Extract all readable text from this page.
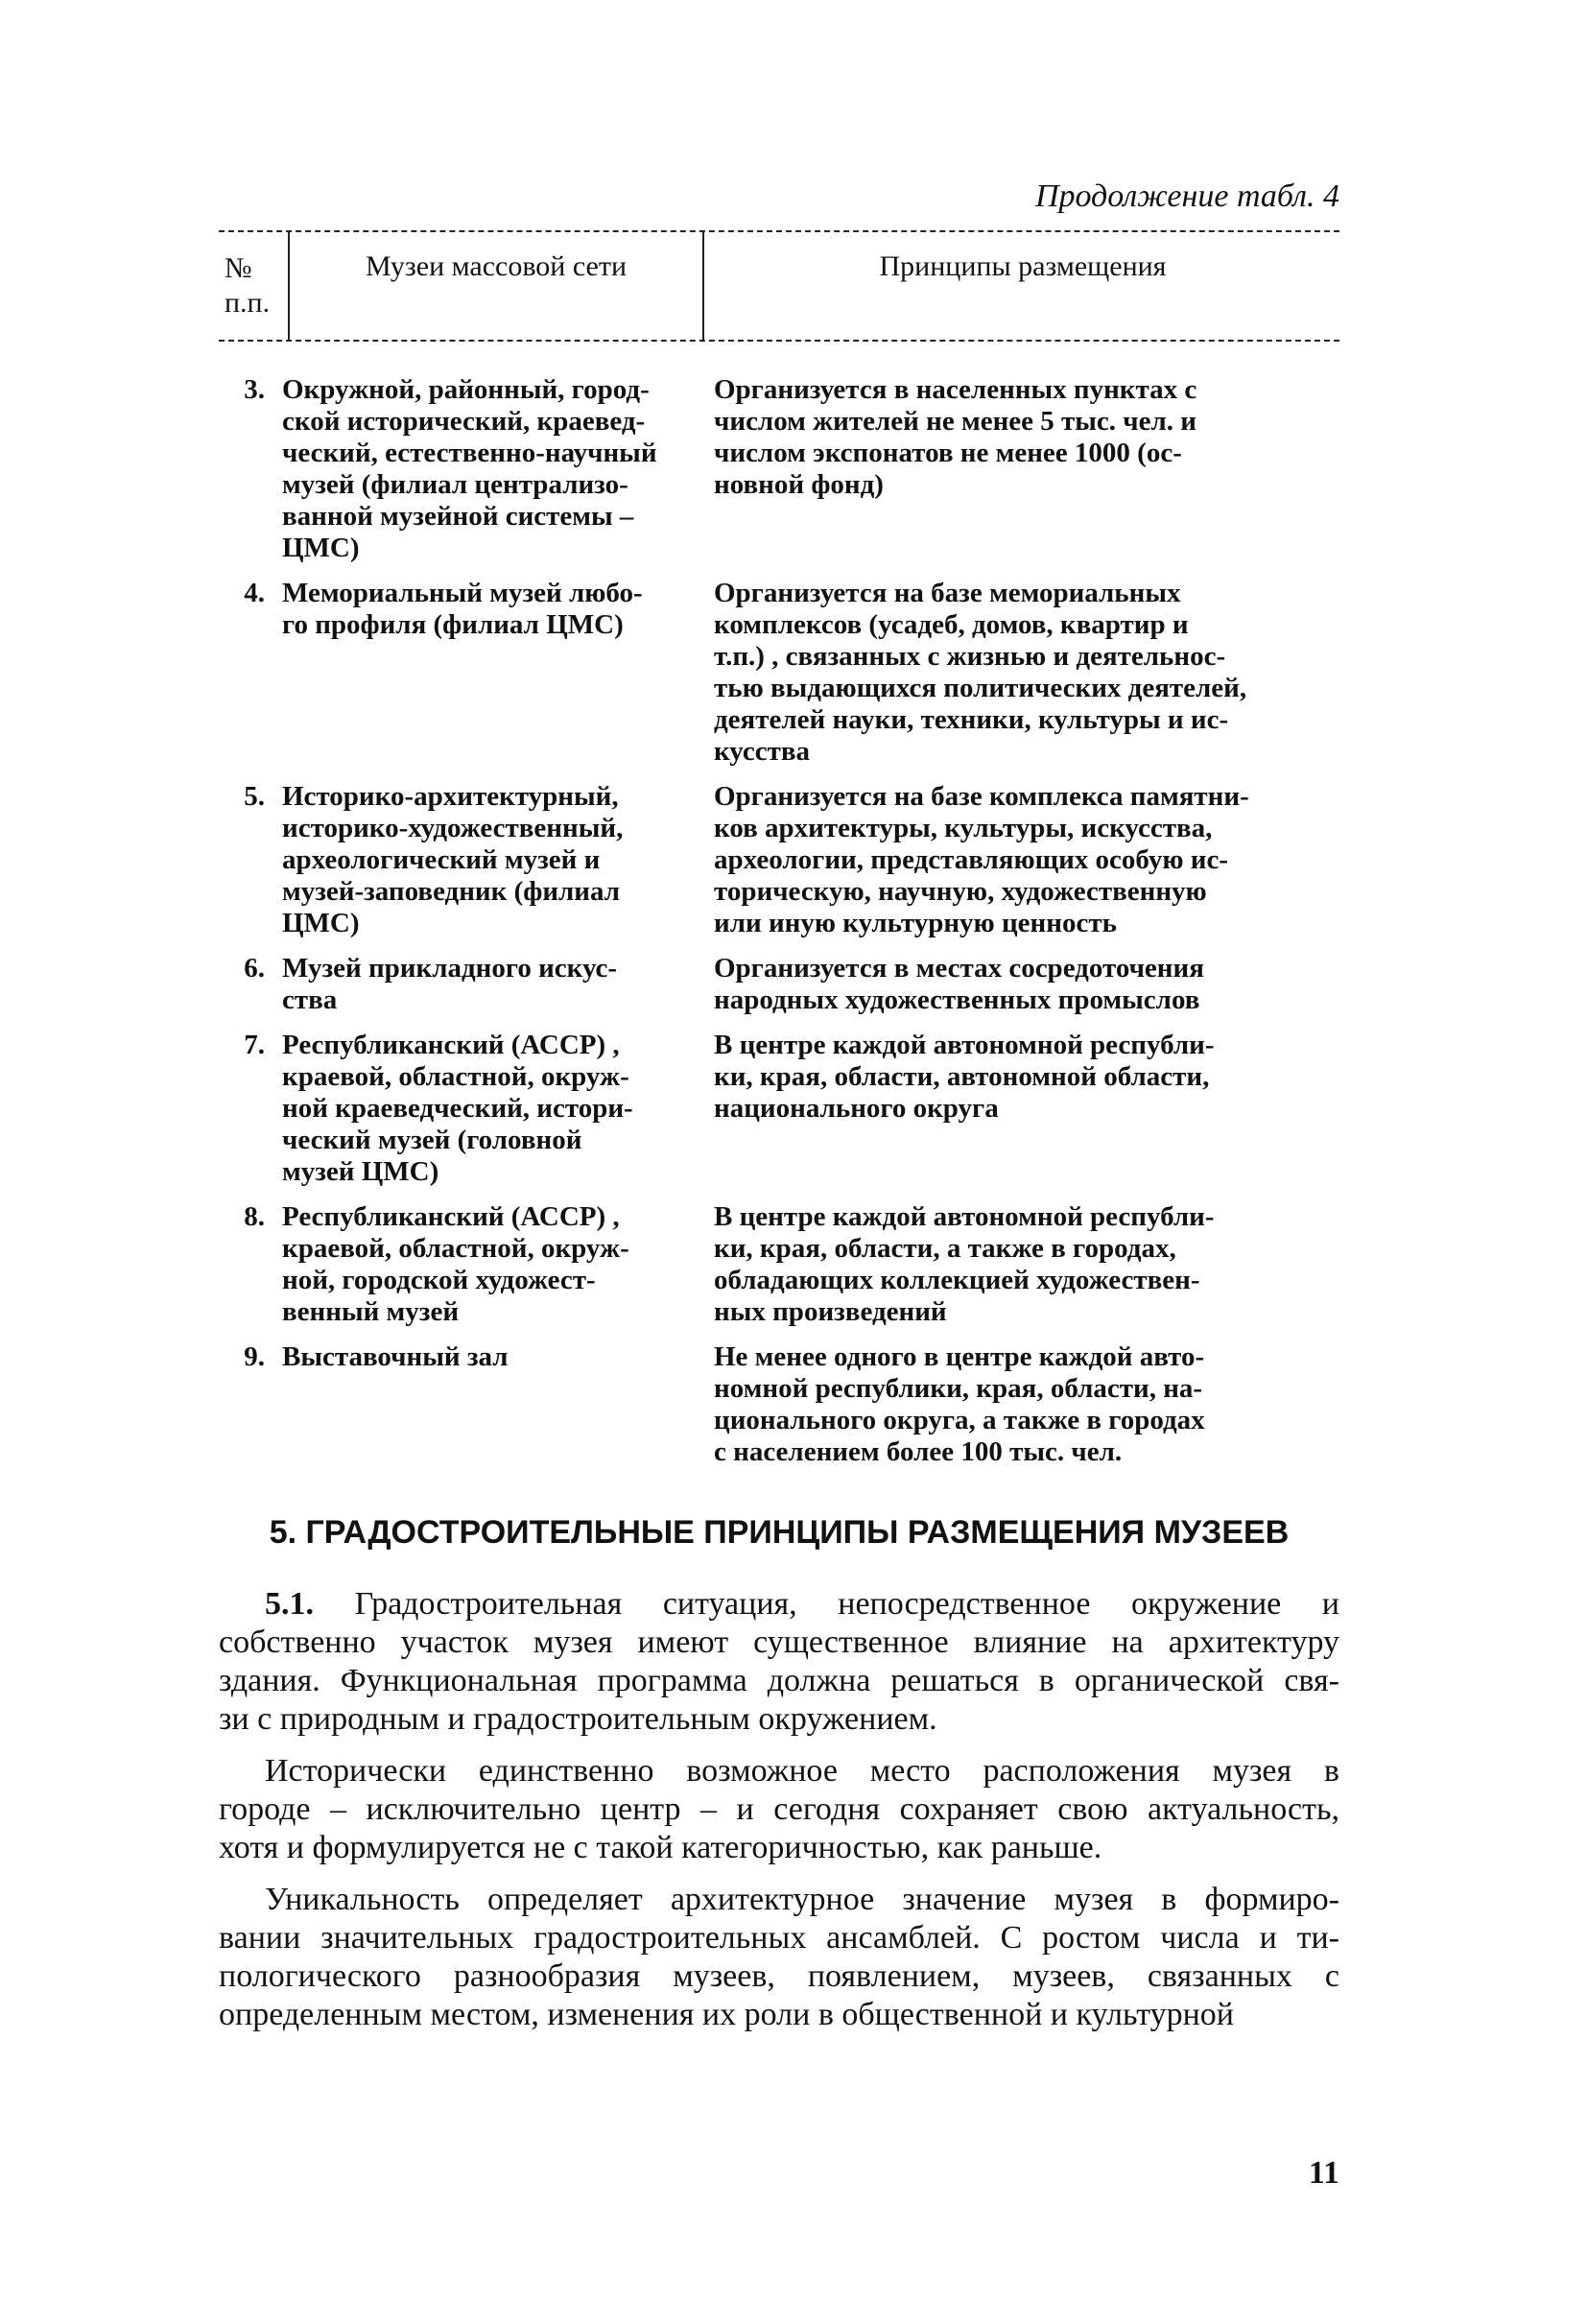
Продолжение табл. 4
№
п.п.
Музеи массовой сети	Принципы размещения
3. Окружной, районный, город-
ской исторический, краевед-
ческий, естественно-научный
музей (филиал централизо-
ванной музейной системы –
ЦМС)
Организуется в населенных пунктах с
числом жителей не менее 5 тыс. чел. и
числом экспонатов не менее 1000 (ос-
новной фонд)
4. Мемориальный музей любо-
го профиля (филиал ЦМС)
Организуется на базе мемориальных
комплексов (усадеб, домов, квартир и
т.п.) , связанных с жизнью и деятельнос-
тью выдающихся политических деятелей,
деятелей науки, техники, культуры и ис-
кусства
5. Историко-архитектурный,
историко-художественный,
археологический музей и
музей-заповедник (филиал
ЦМС)
Организуется на базе комплекса памятни-
ков архитектуры, культуры, искусства,
археологии, представляющих особую ис-
торическую, научную, художественную
или иную культурную ценность
6. Музей прикладного искус-
ства
Организуется в местах сосредоточения
народных художественных промыслов
7. Республиканский (АССР) ,
краевой, областной, окруж-
ной краеведческий, истори-
ческий музей (головной
музей ЦМС)
В центре каждой автономной республи-
ки, края, области, автономной области,
национального округа
8. Республиканский (АССР) ,
краевой, областной, окруж-
ной, городской художест-
венный музей
В центре каждой автономной республи-
ки, края, области, а также в городах,
обладающих коллекцией художествен-
ных произведений
9. Выставочный зал	Не менее одного в центре каждой авто-
номной республики, края, области, на-
ционального округа, а также в городах
с населением более 100 тыс. чел.
5. ГРАДОСТРОИТЕЛЬНЫЕ ПРИНЦИПЫ РАЗМЕЩЕНИЯ МУЗЕЕВ
5.1. Градостроительная ситуация, непосредственное окружение и
собственно участок музея имеют существенное влияние на архитектуру
здания. Функциональная программа должна решаться в органической свя-
зи с природным и градостроительным окружением.
Исторически единственно возможное место расположения музея в
городе – исключительно центр – и сегодня сохраняет свою актуальность,
хотя и формулируется не с такой категоричностью, как раньше.
Уникальность определяет архитектурное значение музея в формиро-
вании значительных градостроительных ансамблей. С ростом числа и ти-
пологического разнообразия музеев, появлением, музеев, связанных с
определенным местом, изменения их роли в общественной и культурной
11
